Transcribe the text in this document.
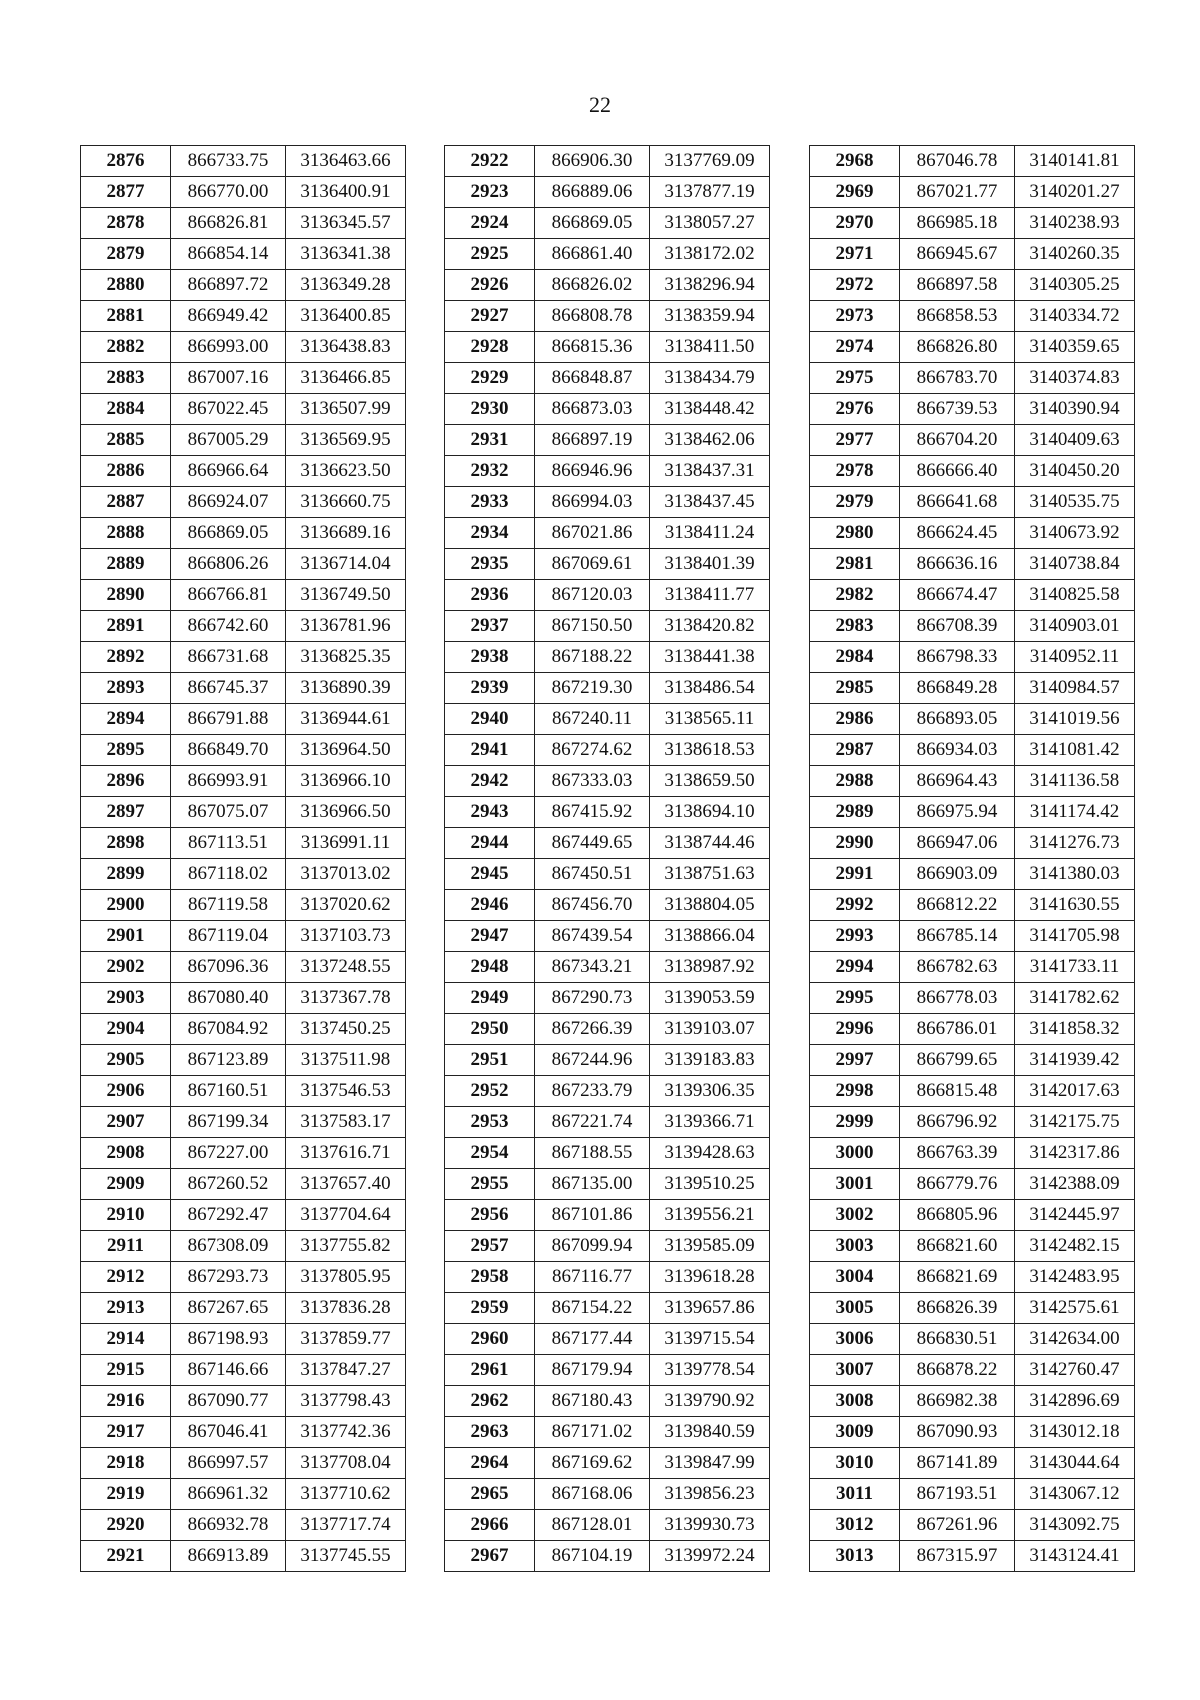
22
2876	866733.75	3136463.66
2877	866770.00	3136400.91
2878	866826.81	3136345.57
2879	866854.14	3136341.38
2880	866897.72	3136349.28
2881	866949.42	3136400.85
2882	866993.00	3136438.83
2883	867007.16	3136466.85
2884	867022.45	3136507.99
2885	867005.29	3136569.95
2886	866966.64	3136623.50
2887	866924.07	3136660.75
2888	866869.05	3136689.16
2889	866806.26	3136714.04
2890	866766.81	3136749.50
2891	866742.60	3136781.96
2892	866731.68	3136825.35
2893	866745.37	3136890.39
2894	866791.88	3136944.61
2895	866849.70	3136964.50
2896	866993.91	3136966.10
2897	867075.07	3136966.50
2898	867113.51	3136991.11
2899	867118.02	3137013.02
2900	867119.58	3137020.62
2901	867119.04	3137103.73
2902	867096.36	3137248.55
2903	867080.40	3137367.78
2904	867084.92	3137450.25
2905	867123.89	3137511.98
2906	867160.51	3137546.53
2907	867199.34	3137583.17
2908	867227.00	3137616.71
2909	867260.52	3137657.40
2910	867292.47	3137704.64
2911	867308.09	3137755.82
2912	867293.73	3137805.95
2913	867267.65	3137836.28
2914	867198.93	3137859.77
2915	867146.66	3137847.27
2916	867090.77	3137798.43
2917	867046.41	3137742.36
2918	866997.57	3137708.04
2919	866961.32	3137710.62
2920	866932.78	3137717.74
2921	866913.89	3137745.55
2922	866906.30	3137769.09
2923	866889.06	3137877.19
2924	866869.05	3138057.27
2925	866861.40	3138172.02
2926	866826.02	3138296.94
2927	866808.78	3138359.94
2928	866815.36	3138411.50
2929	866848.87	3138434.79
2930	866873.03	3138448.42
2931	866897.19	3138462.06
2932	866946.96	3138437.31
2933	866994.03	3138437.45
2934	867021.86	3138411.24
2935	867069.61	3138401.39
2936	867120.03	3138411.77
2937	867150.50	3138420.82
2938	867188.22	3138441.38
2939	867219.30	3138486.54
2940	867240.11	3138565.11
2941	867274.62	3138618.53
2942	867333.03	3138659.50
2943	867415.92	3138694.10
2944	867449.65	3138744.46
2945	867450.51	3138751.63
2946	867456.70	3138804.05
2947	867439.54	3138866.04
2948	867343.21	3138987.92
2949	867290.73	3139053.59
2950	867266.39	3139103.07
2951	867244.96	3139183.83
2952	867233.79	3139306.35
2953	867221.74	3139366.71
2954	867188.55	3139428.63
2955	867135.00	3139510.25
2956	867101.86	3139556.21
2957	867099.94	3139585.09
2958	867116.77	3139618.28
2959	867154.22	3139657.86
2960	867177.44	3139715.54
2961	867179.94	3139778.54
2962	867180.43	3139790.92
2963	867171.02	3139840.59
2964	867169.62	3139847.99
2965	867168.06	3139856.23
2966	867128.01	3139930.73
2967	867104.19	3139972.24
2968	867046.78	3140141.81
2969	867021.77	3140201.27
2970	866985.18	3140238.93
2971	866945.67	3140260.35
2972	866897.58	3140305.25
2973	866858.53	3140334.72
2974	866826.80	3140359.65
2975	866783.70	3140374.83
2976	866739.53	3140390.94
2977	866704.20	3140409.63
2978	866666.40	3140450.20
2979	866641.68	3140535.75
2980	866624.45	3140673.92
2981	866636.16	3140738.84
2982	866674.47	3140825.58
2983	866708.39	3140903.01
2984	866798.33	3140952.11
2985	866849.28	3140984.57
2986	866893.05	3141019.56
2987	866934.03	3141081.42
2988	866964.43	3141136.58
2989	866975.94	3141174.42
2990	866947.06	3141276.73
2991	866903.09	3141380.03
2992	866812.22	3141630.55
2993	866785.14	3141705.98
2994	866782.63	3141733.11
2995	866778.03	3141782.62
2996	866786.01	3141858.32
2997	866799.65	3141939.42
2998	866815.48	3142017.63
2999	866796.92	3142175.75
3000	866763.39	3142317.86
3001	866779.76	3142388.09
3002	866805.96	3142445.97
3003	866821.60	3142482.15
3004	866821.69	3142483.95
3005	866826.39	3142575.61
3006	866830.51	3142634.00
3007	866878.22	3142760.47
3008	866982.38	3142896.69
3009	867090.93	3143012.18
3010	867141.89	3143044.64
3011	867193.51	3143067.12
3012	867261.96	3143092.75
3013	867315.97	3143124.41
